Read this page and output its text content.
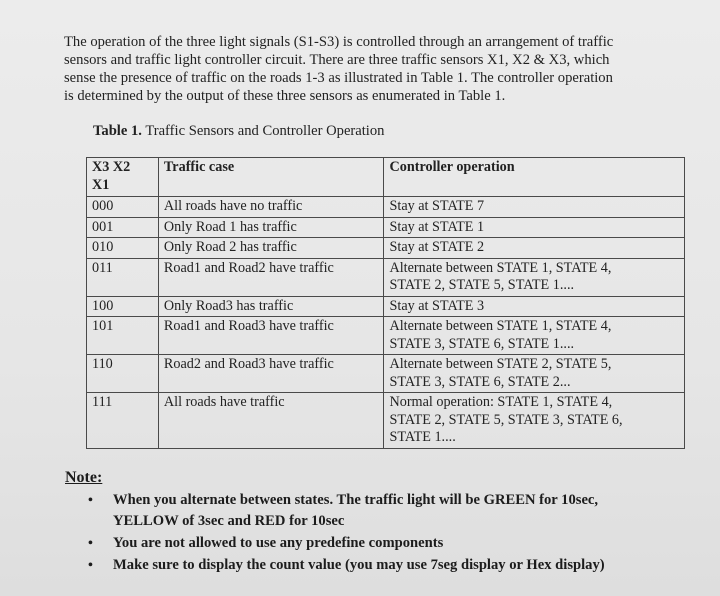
The operation of the three light signals (S1-S3) is controlled through an arrangement of traffic
sensors and traffic light controller circuit. There are three traffic sensors X1, X2 & X3, which
sense the presence of traffic on the roads 1-3 as illustrated in Table 1. The controller operation
is determined by the output of these three sensors as enumerated in Table 1.
Table 1. Traffic Sensors and Controller Operation
X3 X2
X1	Traffic case	Controller operation
000	All roads have no traffic	Stay at STATE 7

001	Only Road 1 has traffic	Stay at STATE 1

010	Only Road 2 has traffic	Stay at STATE 2

011	Road1 and Road2 have traffic	Alternate between STATE 1, STATE 4,
STATE 2, STATE 5, STATE 1....

100	Only Road3 has traffic	Stay at STATE 3

101	Road1 and Road3 have traffic	Alternate between STATE 1, STATE 4,
STATE 3, STATE 6, STATE 1....

110	Road2 and Road3 have traffic	Alternate between STATE 2, STATE 5,
STATE 3, STATE 6, STATE 2...

111	All roads have traffic	Normal operation: STATE 1, STATE 4,
STATE 2, STATE 5, STATE 3, STATE 6,
STATE 1....
Note:
• When you alternate between states. The traffic light will be GREEN for 10sec,
YELLOW of 3sec and RED for 10sec
• You are not allowed to use any predefine components
• Make sure to display the count value (you may use 7seg display or Hex display)
